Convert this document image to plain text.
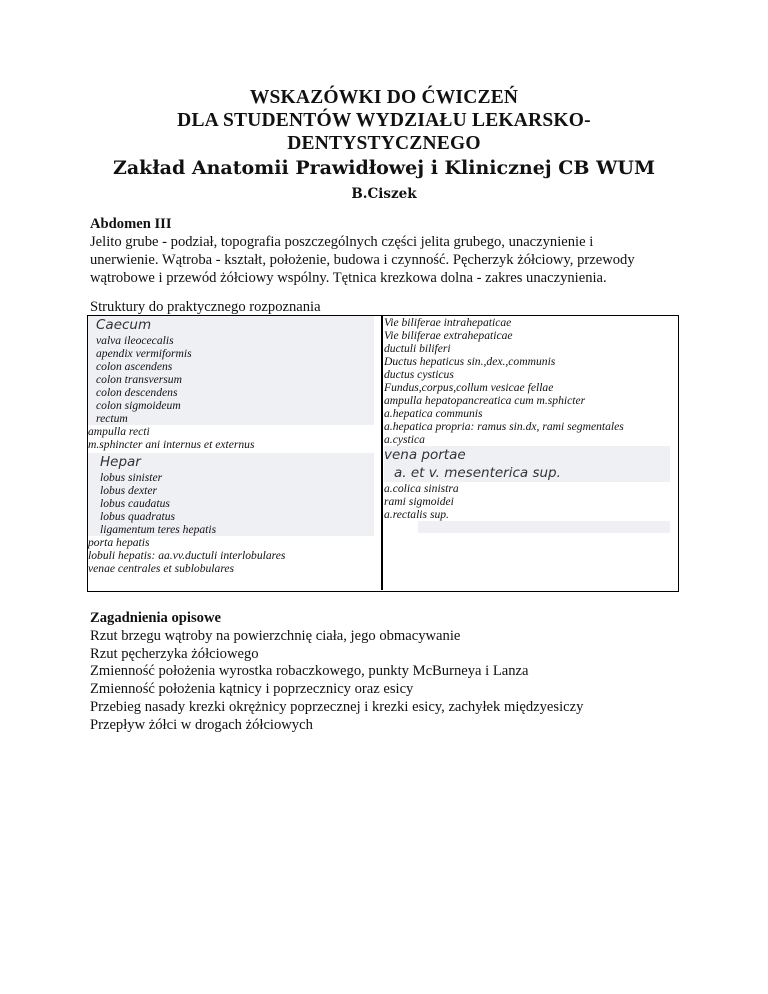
WSKAZÓWKI DO ĆWICZEŃ
DLA STUDENTÓW WYDZIAŁU LEKARSKO-
DENTYSTYCZNEGO
Zakład Anatomii Prawidłowej i Klinicznej CB WUM
B.Ciszek
Abdomen III
Jelito grube - podział, topografia poszczególnych części jelita grubego, unaczynienie i
unerwienie. Wątroba - kształt, położenie, budowa i czynność. Pęcherzyk żółciowy, przewody
wątrobowe i przewód żółciowy wspólny. Tętnica krezkowa dolna - zakres unaczynienia.
Struktury do praktycznego rozpoznania
Caecum
valva ileocecalis
apendix vermiformis
colon ascendens
colon transversum
colon descendens
colon sigmoideum
rectum
ampulla recti
m.sphincter ani internus et externus
Hepar
lobus sinister
lobus dexter
lobus caudatus
lobus quadratus
ligamentum teres hepatis
porta hepatis
lobuli hepatis: aa.vv.ductuli interlobulares
venae centrales et sublobulares
Vie biliferae intrahepaticae
Vie biliferae extrahepaticae
ductuli biliferi
Ductus hepaticus sin.,dex.,communis
ductus cysticus
Fundus,corpus,collum vesicae fellae
ampulla hepatopancreatica cum m.sphicter
a.hepatica communis
a.hepatica propria: ramus sin.dx, rami segmentales
a.cystica
vena portae
a. et v. mesenterica sup.
a.colica sinistra
rami sigmoidei
a.rectalis sup.
Zagadnienia opisowe
Rzut brzegu wątroby na powierzchnię ciała, jego obmacywanie
Rzut pęcherzyka żółciowego
Zmienność położenia wyrostka robaczkowego, punkty McBurneya i Lanza
Zmienność położenia kątnicy i poprzecznicy oraz esicy
Przebieg nasady krezki okrężnicy poprzecznej i krezki esicy, zachyłek międzyesiczy
Przepływ żółci w drogach żółciowych
